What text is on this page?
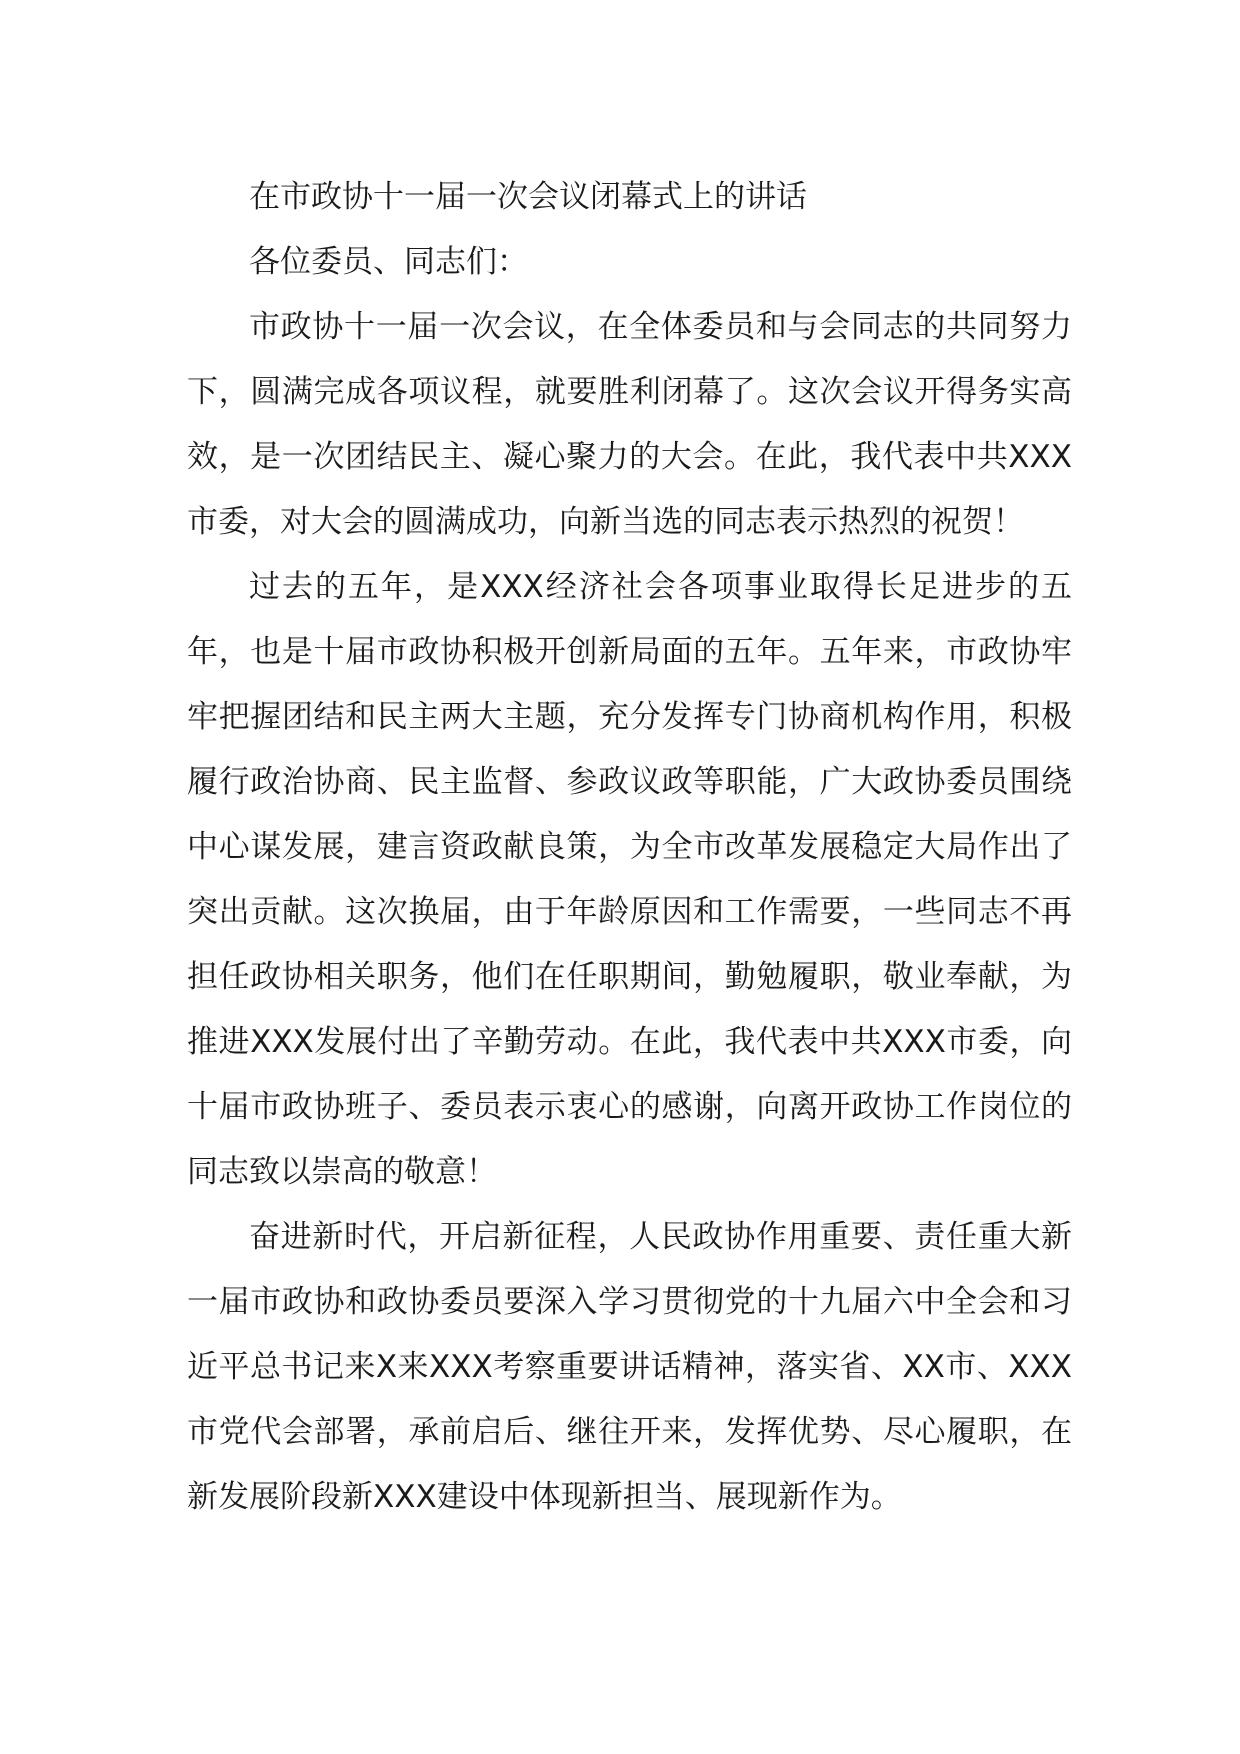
在市政协十一届一次会议闭幕式上的讲话

各位委员、同志们：

市政协十一届一次会议，在全体委员和与会同志的共同努力下，圆满完成各项议程，就要胜利闭幕了。这次会议开得务实高效，是一次团结民主、凝心聚力的大会。在此，我代表中共XXX市委，对大会的圆满成功，向新当选的同志表示热烈的祝贺！

过去的五年，是XXX经济社会各项事业取得长足进步的五年，也是十届市政协积极开创新局面的五年。五年来，市政协牢牢把握团结和民主两大主题，充分发挥专门协商机构作用，积极履行政治协商、民主监督、参政议政等职能，广大政协委员围绕中心谋发展，建言资政献良策，为全市改革发展稳定大局作出了突出贡献。这次换届，由于年龄原因和工作需要，一些同志不再担任政协相关职务，他们在任职期间，勤勉履职，敬业奉献，为推进XXX发展付出了辛勤劳动。在此，我代表中共XXX市委，向十届市政协班子、委员表示衷心的感谢，向离开政协工作岗位的同志致以崇高的敬意！

奋进新时代，开启新征程，人民政协作用重要、责任重大新一届市政协和政协委员要深入学习贯彻党的十九届六中全会和习近平总书记来X来XXX考察重要讲话精神，落实省、XX市、XXX市党代会部署，承前启后、继往开来，发挥优势、尽心履职，在新发展阶段新XXX建设中体现新担当、展现新作为。
